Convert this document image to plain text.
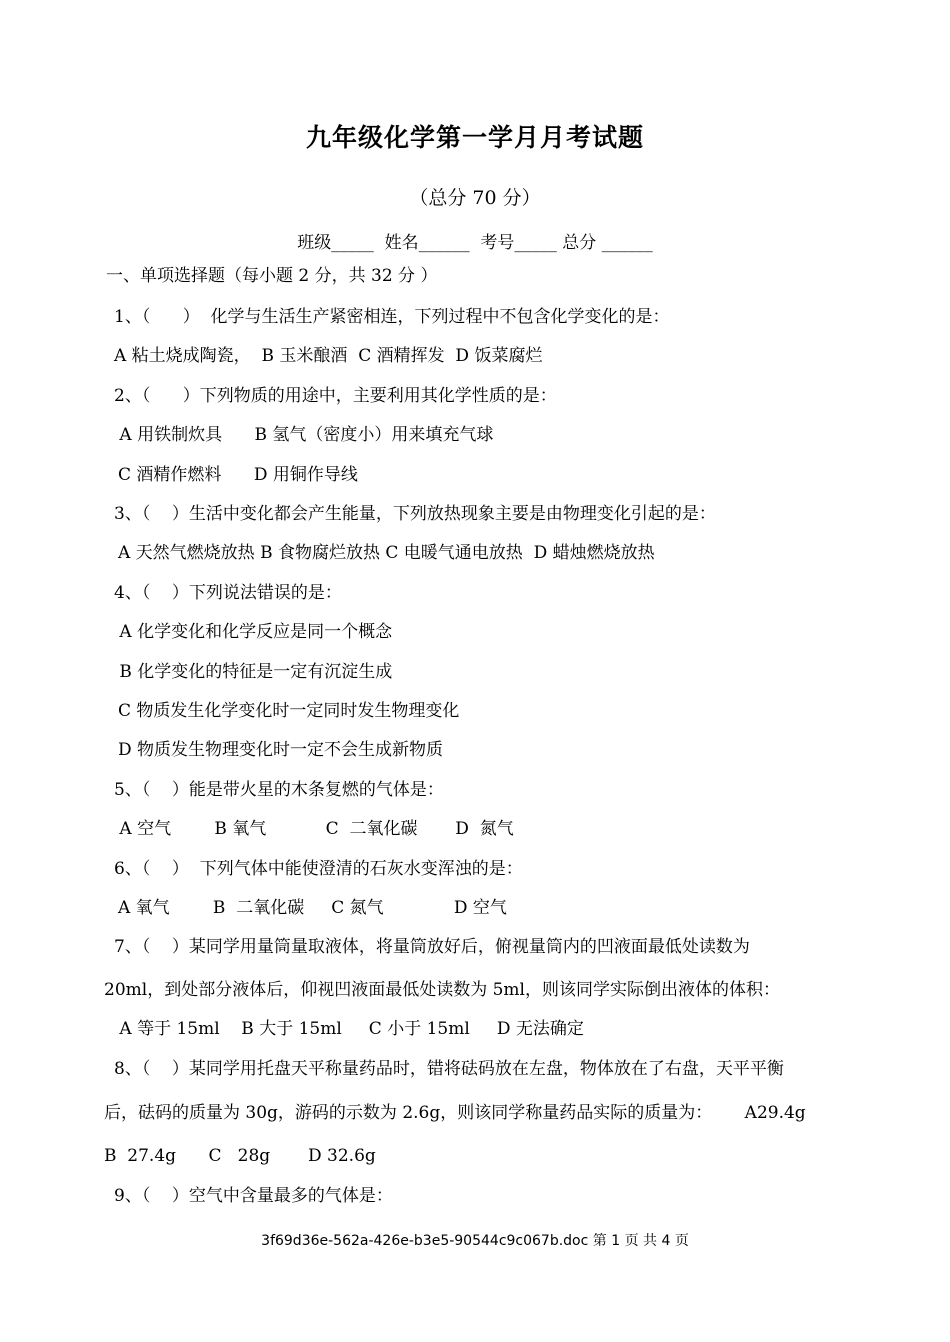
九年级化学第一学月月考试题
（总分 70 分）
班级_____  姓名______  考号_____ 总分 ______
一、单项选择题（每小题 2 分，共 32 分 ）
1、（      ）  化学与生活生产紧密相连，下列过程中不包含化学变化的是：
A 粘土烧成陶瓷，  B 玉米酿酒  C 酒精挥发  D 饭菜腐烂
2、（      ）下列物质的用途中，主要利用其化学性质的是：
A 用铁制炊具      B 氢气（密度小）用来填充气球
C 酒精作燃料      D 用铜作导线
3、（    ）生活中变化都会产生能量，下列放热现象主要是由物理变化引起的是：
A 天然气燃烧放热 B 食物腐烂放热 C 电暖气通电放热  D 蜡烛燃烧放热
4、（    ）下列说法错误的是：
A 化学变化和化学反应是同一个概念
B 化学变化的特征是一定有沉淀生成
C 物质发生化学变化时一定同时发生物理变化
D 物质发生物理变化时一定不会生成新物质
5、（    ）能是带火星的木条复燃的气体是：
A 空气        B 氧气           C  二氧化碳       D  氮气
6、（    ）  下列气体中能使澄清的石灰水变浑浊的是：
A 氧气        B  二氧化碳     C 氮气             D 空气
7、（    ）某同学用量筒量取液体，将量筒放好后，俯视量筒内的凹液面最低处读数为
20ml，到处部分液体后，仰视凹液面最低处读数为 5ml，则该同学实际倒出液体的体积：
A 等于 15ml    B 大于 15ml     C 小于 15ml     D 无法确定
8、（    ）某同学用托盘天平称量药品时，错将砝码放在左盘，物体放在了右盘，天平平衡
后，砝码的质量为 30g，游码的示数为 2.6g，则该同学称量药品实际的质量为：      A29.4g
B  27.4g      C   28g       D 32.6g
9、（    ）空气中含量最多的气体是：
3f69d36e-562a-426e-b3e5-90544c9c067b.doc 第 1 页 共 4 页
